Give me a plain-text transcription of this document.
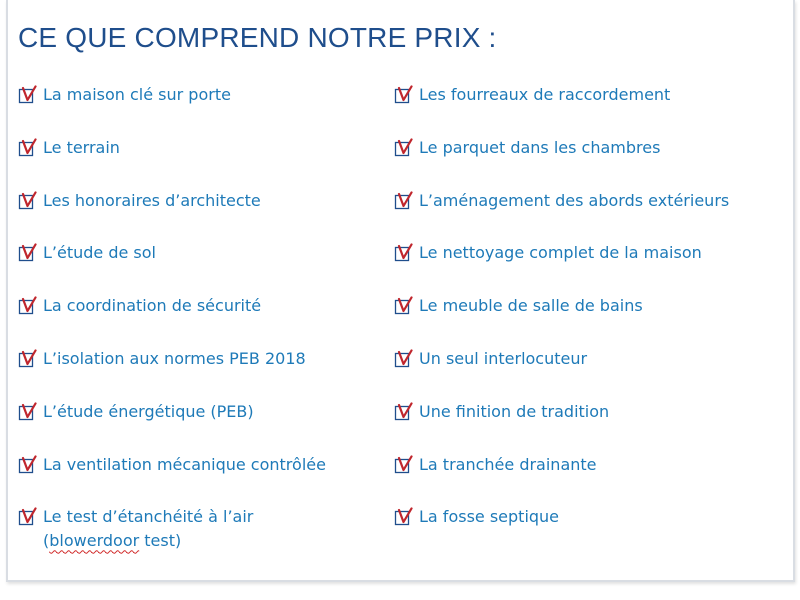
CE QUE COMPREND NOTRE PRIX :
La maison clé sur porte
Le terrain
Les honoraires d’architecte
L’étude de sol
La coordination de sécurité
L’isolation aux normes PEB 2018
L’étude énergétique (PEB)
La ventilation mécanique contrôlée
Le test d’étanchéité à l’air
(blowerdoor test)
Les fourreaux de raccordement
Le parquet dans les chambres
L’aménagement des abords extérieurs
Le nettoyage complet de la maison
Le meuble de salle de bains
Un seul interlocuteur
Une finition de tradition
La tranchée drainante
La fosse septique
